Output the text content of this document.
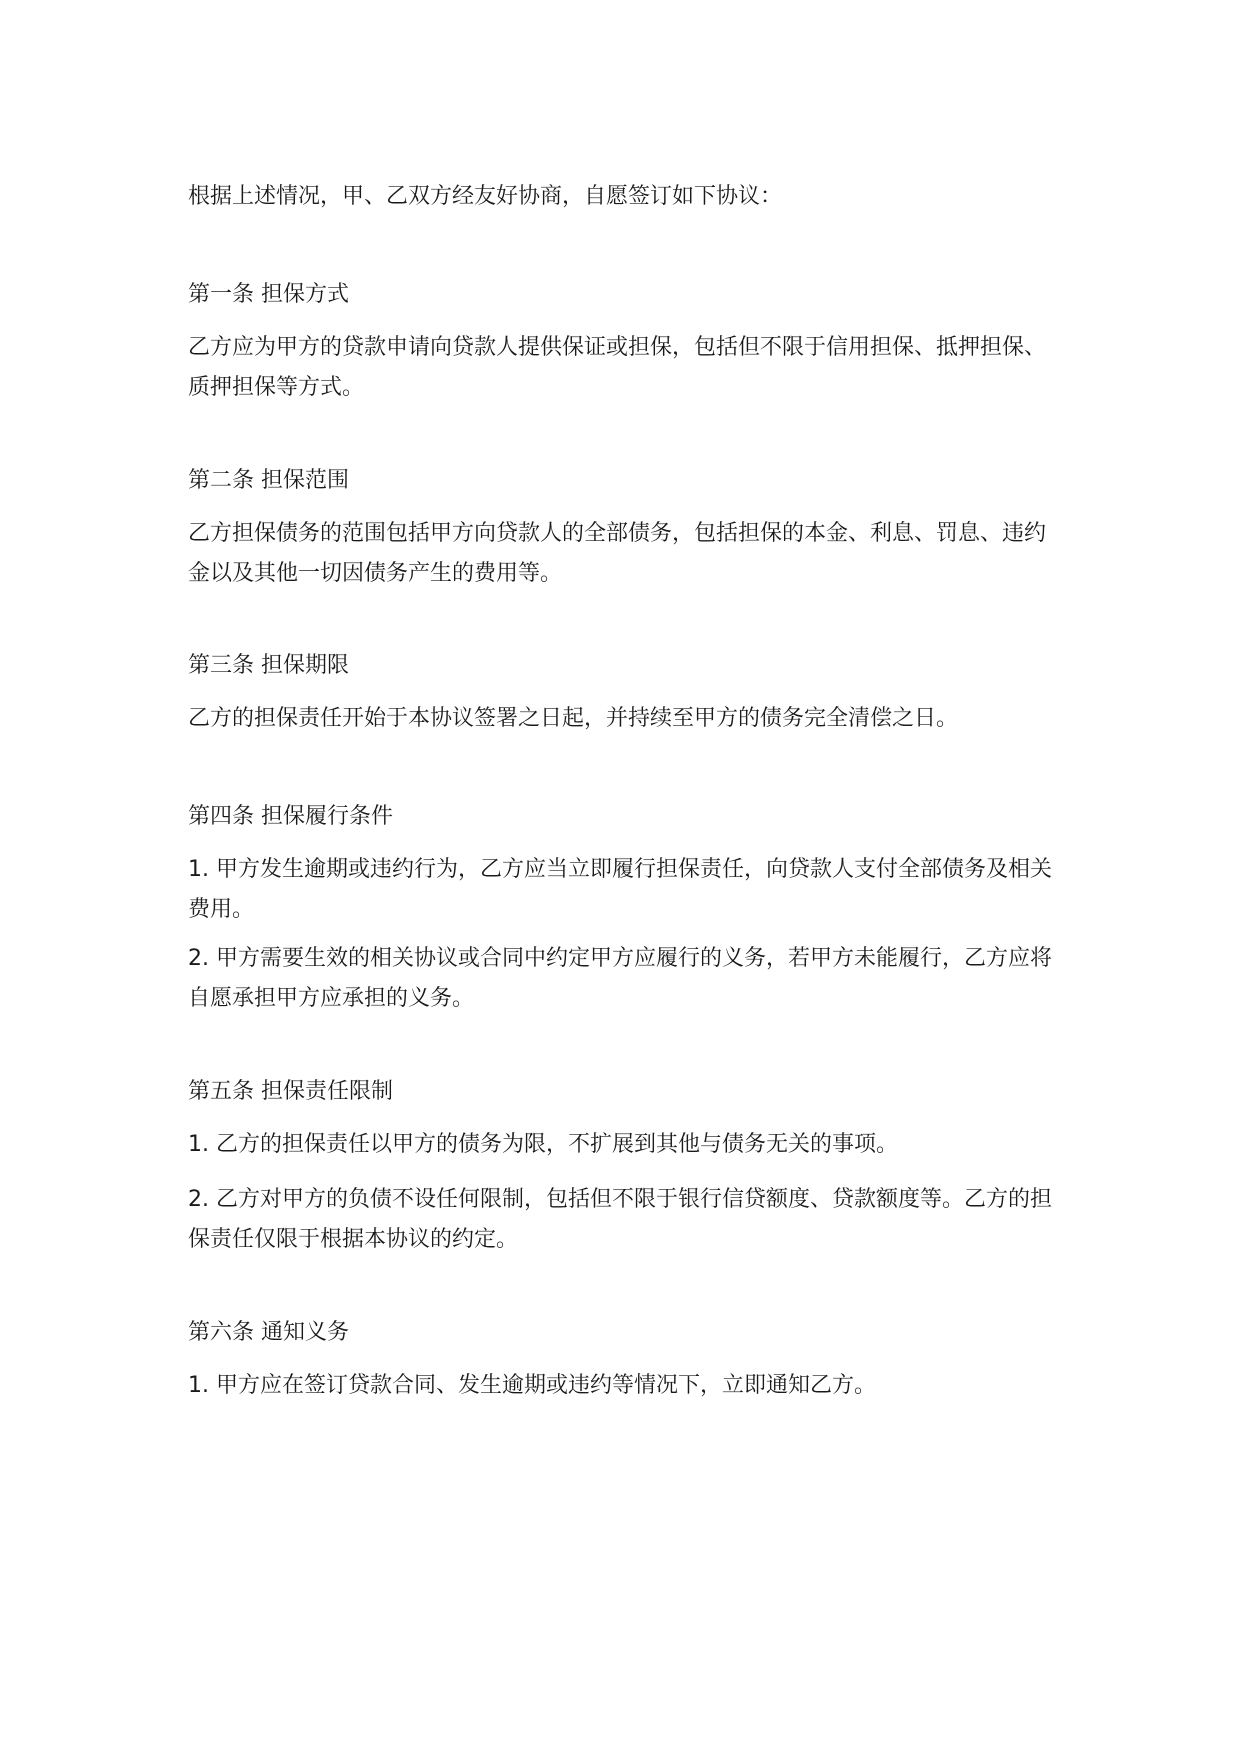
根据上述情况，甲、乙双方经友好协商，自愿签订如下协议：
第一条 担保方式
乙方应为甲方的贷款申请向贷款人提供保证或担保，包括但不限于信用担保、抵押担保、质押担保等方式。
第二条 担保范围
乙方担保债务的范围包括甲方向贷款人的全部债务，包括担保的本金、利息、罚息、违约金以及其他一切因债务产生的费用等。
第三条 担保期限
乙方的担保责任开始于本协议签署之日起，并持续至甲方的债务完全清偿之日。
第四条 担保履行条件
1. 甲方发生逾期或违约行为，乙方应当立即履行担保责任，向贷款人支付全部债务及相关费用。
2. 甲方需要生效的相关协议或合同中约定甲方应履行的义务，若甲方未能履行，乙方应将自愿承担甲方应承担的义务。
第五条 担保责任限制
1. 乙方的担保责任以甲方的债务为限，不扩展到其他与债务无关的事项。
2. 乙方对甲方的负债不设任何限制，包括但不限于银行信贷额度、贷款额度等。乙方的担保责任仅限于根据本协议的约定。
第六条 通知义务
1. 甲方应在签订贷款合同、发生逾期或违约等情况下，立即通知乙方。
